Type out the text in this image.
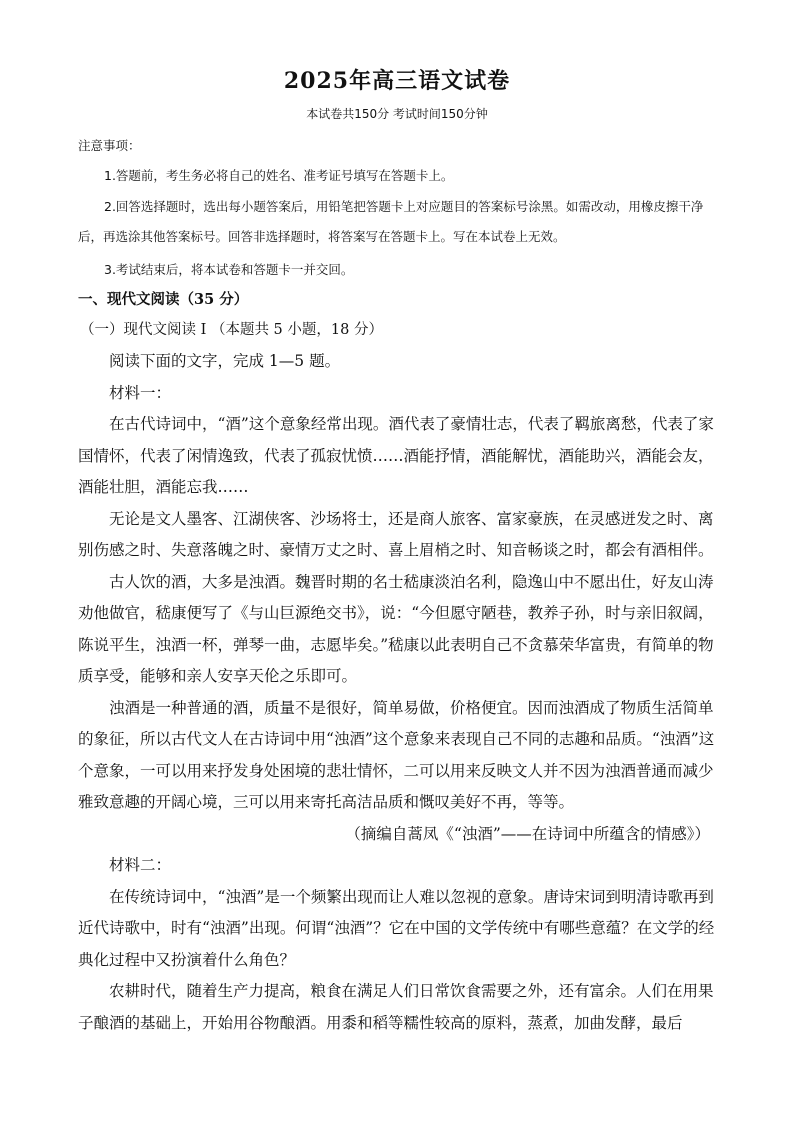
2025年高三语文试卷
本试卷共150分 考试时间150分钟
注意事项：

1.答题前，考生务必将自己的姓名、准考证号填写在答题卡上。

2.回答选择题时，选出每小题答案后，用铅笔把答题卡上对应题目的答案标号涂黑。如需改动，用橡皮擦干净后，再选涂其他答案标号。回答非选择题时，将答案写在答题卡上。写在本试卷上无效。

3.考试结束后，将本试卷和答题卡一并交回。

一、现代文阅读（35 分）
（一）现代文阅读 I （本题共 5 小题，18 分）

阅读下面的文字，完成 1—5 题。

材料一：

在古代诗词中，“酒”这个意象经常出现。酒代表了豪情壮志，代表了羁旅离愁，代表了家国情怀，代表了闲情逸致，代表了孤寂忧愤……酒能抒情，酒能解忧，酒能助兴，酒能会友，酒能壮胆，酒能忘我……

无论是文人墨客、江湖侠客、沙场将士，还是商人旅客、富家豪族，在灵感迸发之时、离别伤感之时、失意落魄之时、豪情万丈之时、喜上眉梢之时、知音畅谈之时，都会有酒相伴。

古人饮的酒，大多是浊酒。魏晋时期的名士嵇康淡泊名利，隐逸山中不愿出仕，好友山涛劝他做官，嵇康便写了《与山巨源绝交书》，说：“今但愿守陋巷，教养子孙，时与亲旧叙阔，陈说平生，浊酒一杯，弹琴一曲，志愿毕矣。”嵇康以此表明自己不贪慕荣华富贵，有简单的物质享受，能够和亲人安享天伦之乐即可。

浊酒是一种普通的酒，质量不是很好，简单易做，价格便宜。因而浊酒成了物质生活简单的象征，所以古代文人在古诗词中用“浊酒”这个意象来表现自己不同的志趣和品质。“浊酒”这个意象，一可以用来抒发身处困境的悲壮情怀，二可以用来反映文人并不因为浊酒普通而减少雅致意趣的开阔心境，三可以用来寄托高洁品质和慨叹美好不再，等等。

（摘编自蒿凤《“浊酒”——在诗词中所蕴含的情感》）

材料二：

在传统诗词中，“浊酒”是一个频繁出现而让人难以忽视的意象。唐诗宋词到明清诗歌再到近代诗歌中，时有“浊酒”出现。何谓“浊酒”？它在中国的文学传统中有哪些意蕴？在文学的经典化过程中又扮演着什么角色？

农耕时代，随着生产力提高，粮食在满足人们日常饮食需要之外，还有富余。人们在用果子酿酒的基础上，开始用谷物酿酒。用黍和稻等糯性较高的原料，蒸煮，加曲发酵，最后
